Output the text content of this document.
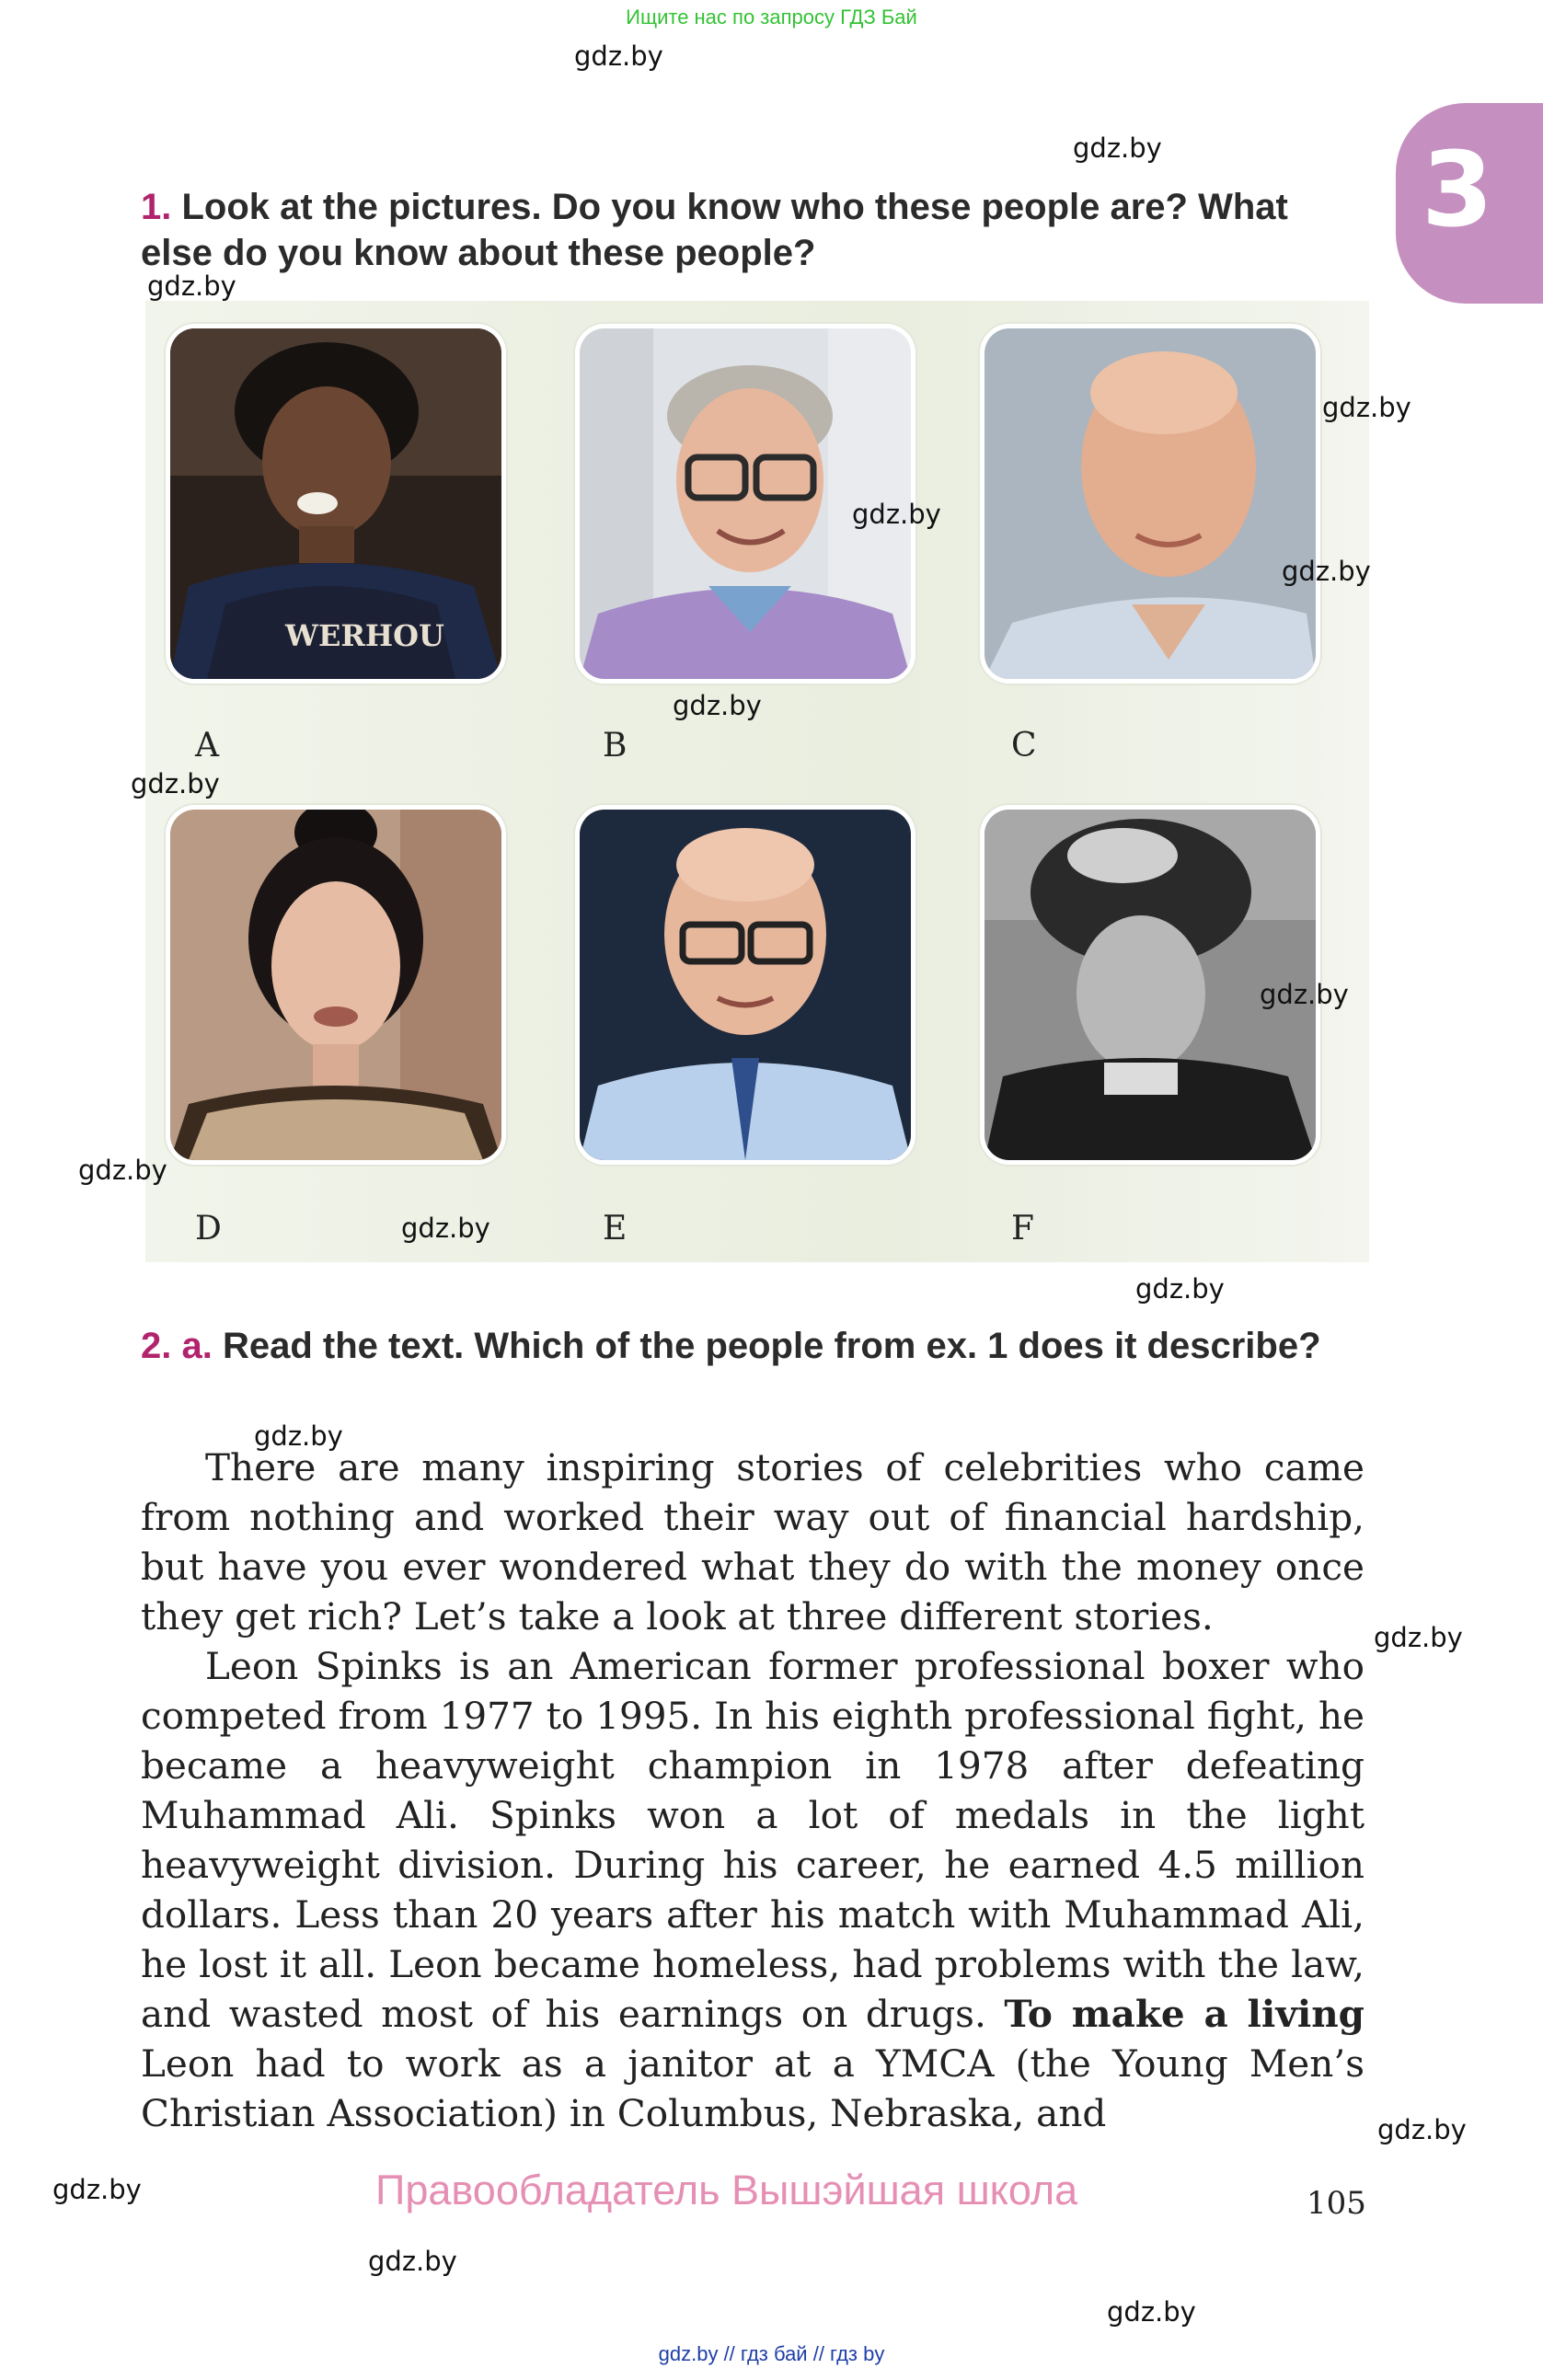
Ищите нас по запросу ГДЗ Бай
3
1. Look at the pictures. Do you know who these people are? What else do you know about these people?
WERHOU
A	B	C
D	E	F
2. a. Read the text. Which of the people from ex. 1 does it describe?

There are many inspiring stories of celebrities who came from nothing and worked their way out of financial hardship, but have you ever wondered what they do with the money once they get rich? Let’s take a look at three different stories.

Leon Spinks is an American former professional boxer who competed from 1977 to 1995. In his eighth professional fight, he became a heavyweight champion in 1978 after defeating Muhammad Ali. Spinks won a lot of medals in the light heavyweight division. During his career, he earned 4.5 million dollars. Less than 20 years after his match with Muhammad Ali, he lost it all. Leon became homeless, had problems with the law, and wasted most of his earnings on drugs. To make a living Leon had to work as a janitor at a YMCA (the Young Men’s Christian Association) in Columbus, Nebraska, and

Правообладатель Вышэйшая школа	105
gdz.by
gdz.by
gdz.by
gdz.by
gdz.by
gdz.by
gdz.by
gdz.by
gdz.by
gdz.by
gdz.by
gdz.by
gdz.by
gdz.by
gdz.by
gdz.by
gdz.by
gdz.by
gdz.by // гдз бай // гдз by
